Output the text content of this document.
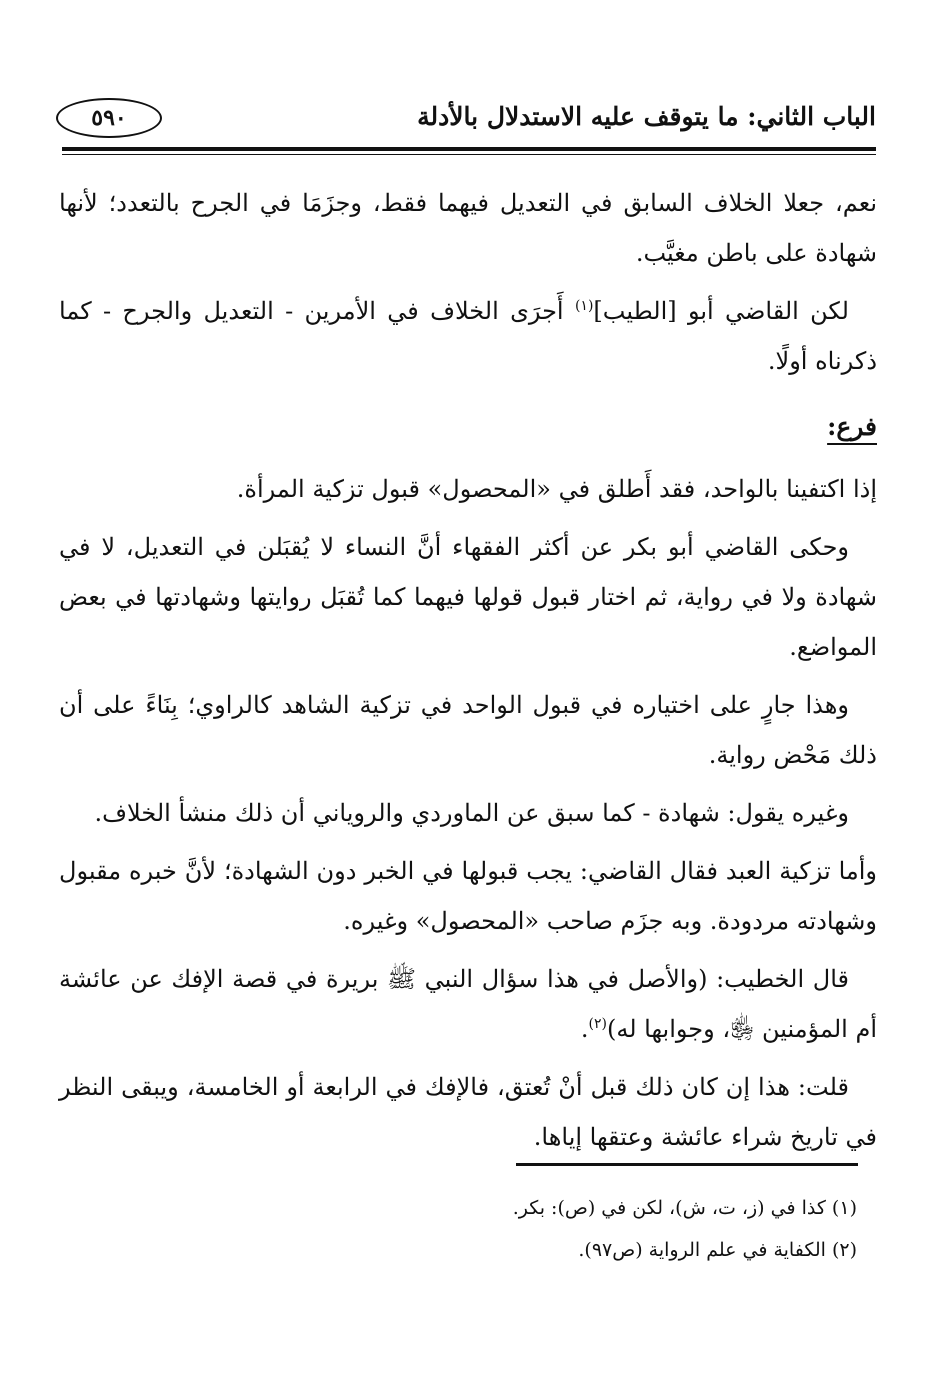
الباب الثاني: ما يتوقف عليه الاستدلال بالأدلة
٥٩٠

نعم، جعلا الخلاف السابق في التعديل فيهما فقط، وجزَمَا في الجرح بالتعدد؛ لأنها شهادة على باطن مغيَّب.

لكن القاضي أبو [الطيب]$^{(١)}$ أَجرَى الخلاف في الأمرين - التعديل والجرح - كما ذكرناه أولًا.

فرع:

إذا اكتفينا بالواحد، فقد أَطلق في «المحصول» قبول تزكية المرأة.

وحكى القاضي أبو بكر عن أكثر الفقهاء أنَّ النساء لا يُقبَلن في التعديل، لا في شهادة ولا في رواية، ثم اختار قبول قولها فيهما كما تُقبَل روايتها وشهادتها في بعض المواضع.

وهذا جارٍ على اختياره في قبول الواحد في تزكية الشاهد كالراوي؛ بِنَاءً على أن ذلك مَحْض رواية.

وغيره يقول: شهادة - كما سبق عن الماوردي والروياني أن ذلك منشأ الخلاف.

وأما تزكية العبد فقال القاضي: يجب قبولها في الخبر دون الشهادة؛ لأنَّ خبره مقبول وشهادته مردودة. وبه جزَم صاحب «المحصول» وغيره.

قال الخطيب: (والأصل في هذا سؤال النبي ﷺ بريرة في قصة الإفك عن عائشة أم المؤمنين ﵂، وجوابها له)$^{(٢)}$.

قلت: هذا إن كان ذلك قبل أنْ تُعتق، فالإفك في الرابعة أو الخامسة، ويبقى النظر في تاريخ شراء عائشة وعتقها إياها.

(١) كذا في (ز، ت، ش)، لكن في (ص): بكر.

(٢) الكفاية في علم الرواية (ص٩٧).
